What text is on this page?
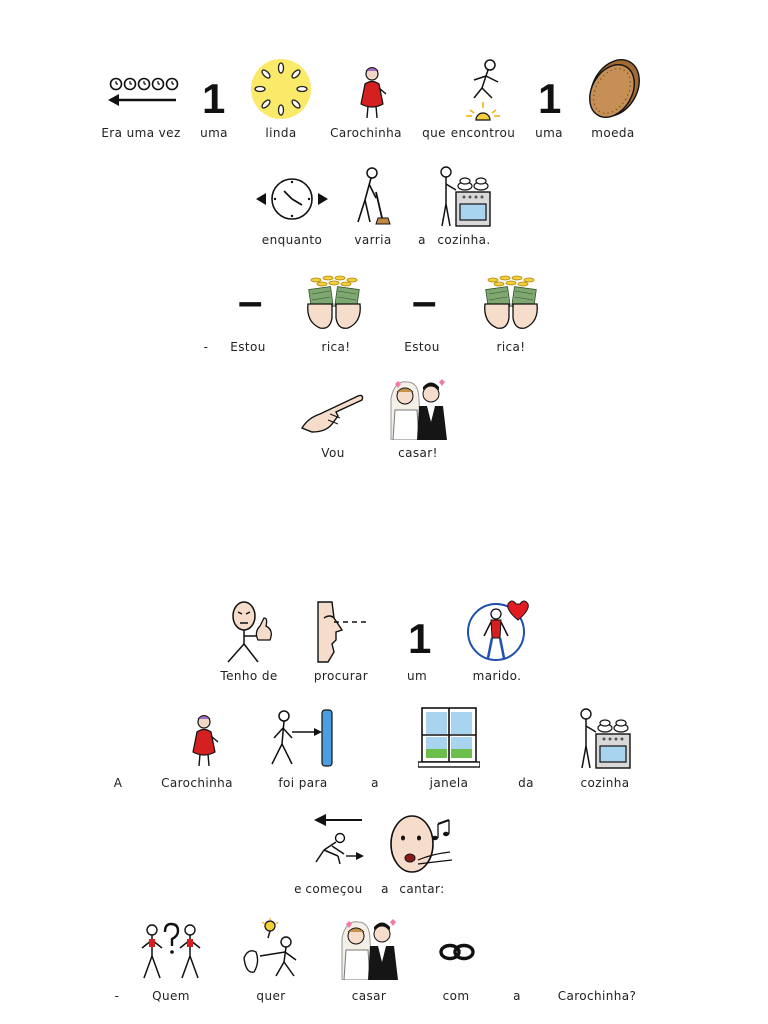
1	1
Era uma vez uma	linda	Carochinha que encontrou uma moeda
enquanto	varria a cozinha.
–	–
- Estou	rica!	Estou	rica!
Vou	casar!
1
Tenho de	procurar	um	marido.
A	Carochinha	foi para	a	janela	da	cozinha
e começou a cantar:
-	Quem	quer	casar	com	a	Carochinha?
